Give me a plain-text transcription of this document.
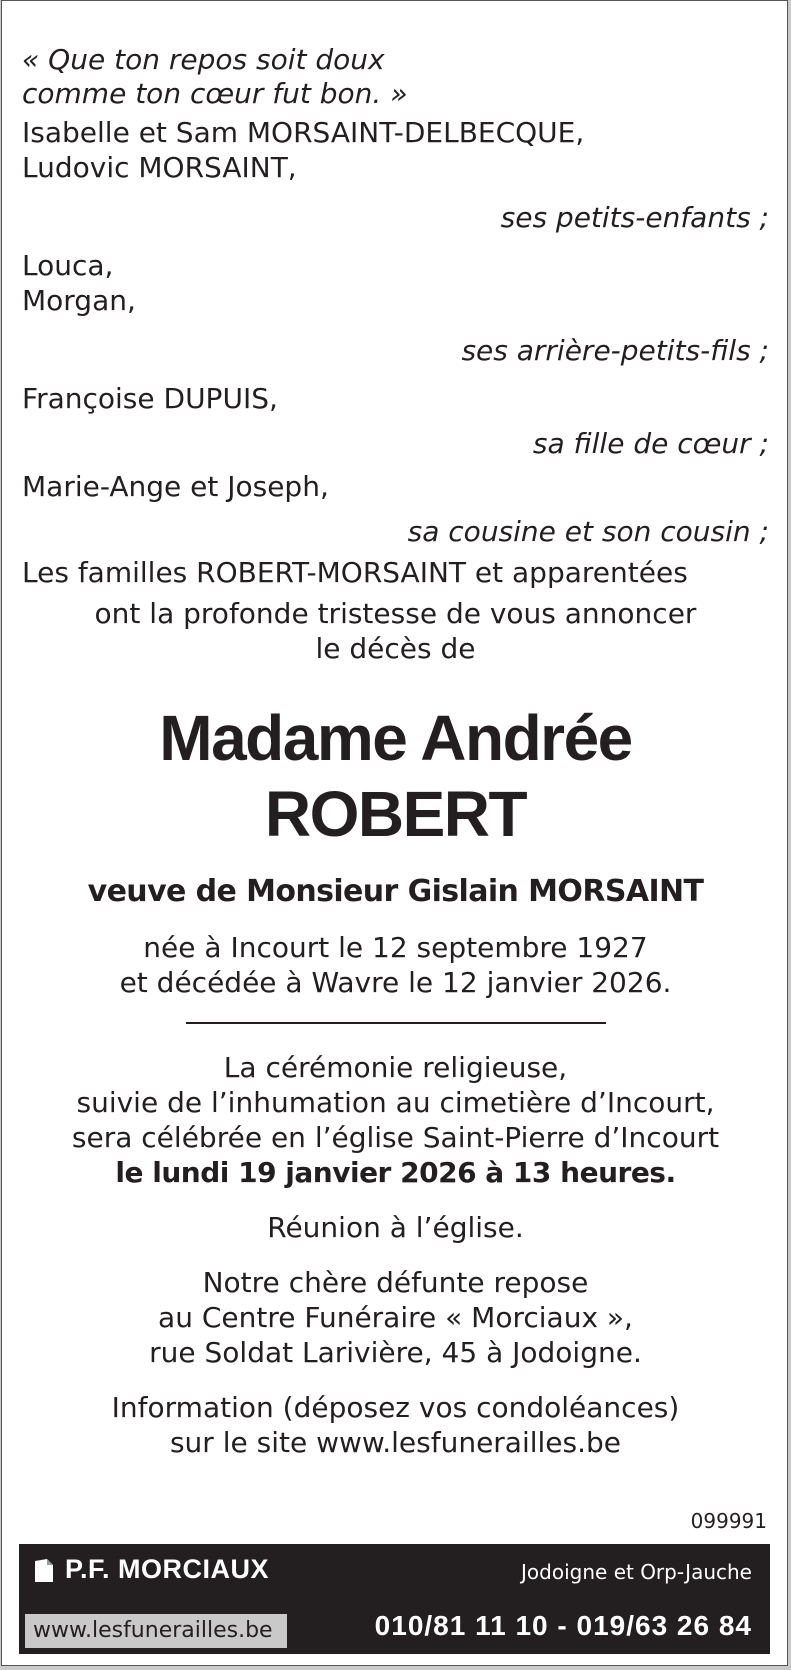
« Que ton repos soit doux
comme ton cœur fut bon. »
Isabelle et Sam MORSAINT-DELBECQUE,
Ludovic MORSAINT,
ses petits-enfants ;
Louca,
Morgan,
ses arrière-petits-fils ;
Françoise DUPUIS,
sa fille de cœur ;
Marie-Ange et Joseph,
sa cousine et son cousin ;
Les familles ROBERT-MORSAINT et apparentées
ont la profonde tristesse de vous annoncer
le décès de
Madame Andrée ROBERT
veuve de Monsieur Gislain MORSAINT
née à Incourt le 12 septembre 1927
et décédée à Wavre le 12 janvier 2026.
La cérémonie religieuse,
suivie de l’inhumation au cimetière d’Incourt,
sera célébrée en l’église Saint-Pierre d’Incourt
le lundi 19 janvier 2026 à 13 heures.
Réunion à l’église.
Notre chère défunte repose
au Centre Funéraire « Morciaux »,
rue Soldat Larivière, 45 à Jodoigne.
Information (déposez vos condoléances)
sur le site www.lesfunerailles.be
099991
P.F. MORCIAUX	Jodoigne et Orp-Jauche
www.lesfunerailles.be	010/81 11 10 - 019/63 26 84
